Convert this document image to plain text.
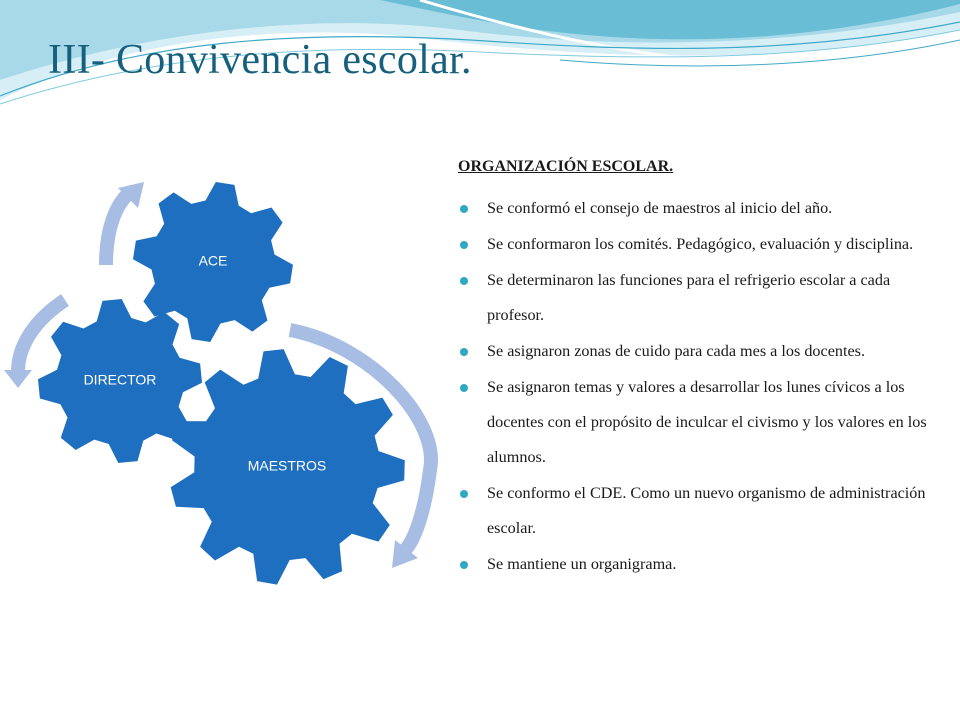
III- Convivencia escolar.
MAESTROS
DIRECTOR
ACE
ORGANIZACIÓN ESCOLAR.
Se conformó el consejo de maestros al inicio del año.
Se conformaron los comités. Pedagógico, evaluación y disciplina.
Se determinaron las funciones para el refrigerio escolar a cada profesor.
Se asignaron zonas de cuido para cada mes a los docentes.
Se asignaron temas y valores a desarrollar los lunes cívicos a los docentes con el propósito de inculcar el civismo y los valores en los alumnos.
Se conformo el CDE. Como un nuevo organismo de administración escolar.
Se mantiene un organigrama.
